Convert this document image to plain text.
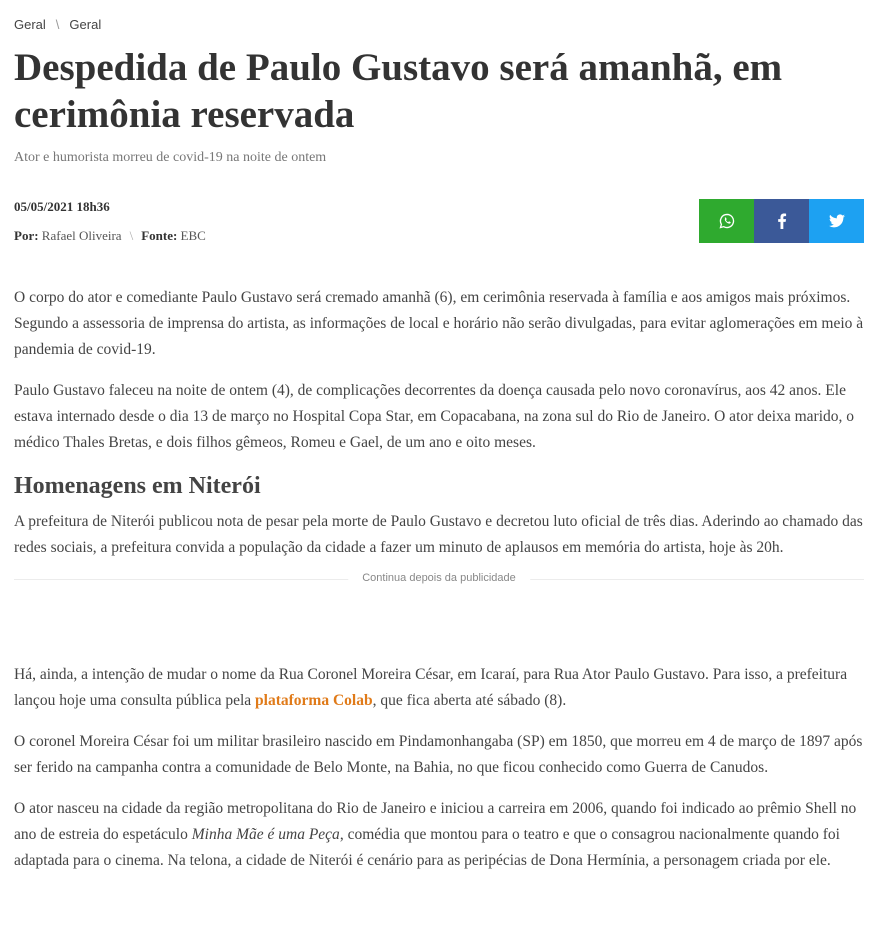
Geral \ Geral
Despedida de Paulo Gustavo será amanhã, em cerimônia reservada
Ator e humorista morreu de covid-19 na noite de ontem
05/05/2021 18h36
Por: Rafael Oliveira \ Fonte: EBC

O corpo do ator e comediante Paulo Gustavo será cremado amanhã (6), em cerimônia reservada à família e aos amigos mais próximos. Segundo a assessoria de imprensa do artista, as informações de local e horário não serão divulgadas, para evitar aglomerações em meio à pandemia de covid-19.

Paulo Gustavo faleceu na noite de ontem (4), de complicações decorrentes da doença causada pelo novo coronavírus, aos 42 anos. Ele estava internado desde o dia 13 de março no Hospital Copa Star, em Copacabana, na zona sul do Rio de Janeiro. O ator deixa marido, o médico Thales Bretas, e dois filhos gêmeos, Romeu e Gael, de um ano e oito meses.

Homenagens em Niterói

A prefeitura de Niterói publicou nota de pesar pela morte de Paulo Gustavo e decretou luto oficial de três dias. Aderindo ao chamado das redes sociais, a prefeitura convida a população da cidade a fazer um minuto de aplausos em memória do artista, hoje às 20h.

Continua depois da publicidade

Há, ainda, a intenção de mudar o nome da Rua Coronel Moreira César, em Icaraí, para Rua Ator Paulo Gustavo. Para isso, a prefeitura lançou hoje uma consulta pública pela plataforma Colab, que fica aberta até sábado (8).

O coronel Moreira César foi um militar brasileiro nascido em Pindamonhangaba (SP) em 1850, que morreu em 4 de março de 1897 após ser ferido na campanha contra a comunidade de Belo Monte, na Bahia, no que ficou conhecido como Guerra de Canudos.

O ator nasceu na cidade da região metropolitana do Rio de Janeiro e iniciou a carreira em 2006, quando foi indicado ao prêmio Shell no ano de estreia do espetáculo Minha Mãe é uma Peça, comédia que montou para o teatro e que o consagrou nacionalmente quando foi adaptada para o cinema. Na telona, a cidade de Niterói é cenário para as peripécias de Dona Hermínia, a personagem criada por ele.
